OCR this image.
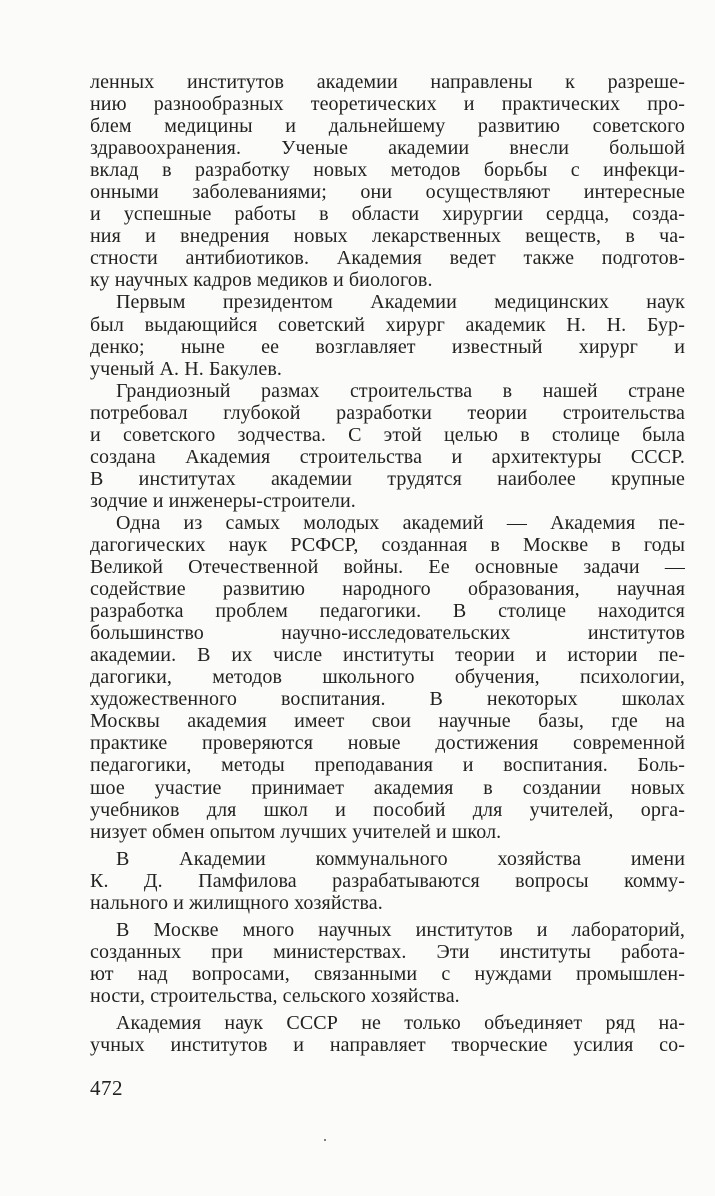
ленных институтов академии направлены к разреше-
нию разнообразных теоретических и практических про-
блем медицины и дальнейшему развитию советского
здравоохранения. Ученые академии внесли большой
вклад в разработку новых методов борьбы с инфекци-
онными заболеваниями; они осуществляют интересные
и успешные работы в области хирургии сердца, созда-
ния и внедрения новых лекарственных веществ, в ча-
стности антибиотиков. Академия ведет также подготов-
ку научных кадров медиков и биологов.
Первым президентом Академии медицинских наук
был выдающийся советский хирург академик Н. Н. Бур-
денко; ныне ее возглавляет известный хирург и
ученый А. Н. Бакулев.
Грандиозный размах строительства в нашей стране
потребовал глубокой разработки теории строительства
и советского зодчества. С этой целью в столице была
создана Академия строительства и архитектуры СССР.
В институтах академии трудятся наиболее крупные
зодчие и инженеры-строители.
Одна из самых молодых академий — Академия пе-
дагогических наук РСФСР, созданная в Москве в годы
Великой Отечественной войны. Ее основные задачи —
содействие развитию народного образования, научная
разработка проблем педагогики. В столице находится
большинство научно-исследовательских институтов
академии. В их числе институты теории и истории пе-
дагогики, методов школьного обучения, психологии,
художественного воспитания. В некоторых школах
Москвы академия имеет свои научные базы, где на
практике проверяются новые достижения современной
педагогики, методы преподавания и воспитания. Боль-
шое участие принимает академия в создании новых
учебников для школ и пособий для учителей, орга-
низует обмен опытом лучших учителей и школ.
В Академии коммунального хозяйства имени
К. Д. Памфилова разрабатываются вопросы комму-
нального и жилищного хозяйства.
В Москве много научных институтов и лабораторий,
созданных при министерствах. Эти институты работа-
ют над вопросами, связанными с нуждами промышлен-
ности, строительства, сельского хозяйства.
Академия наук СССР не только объединяет ряд на-
учных институтов и направляет творческие усилия со-
472
